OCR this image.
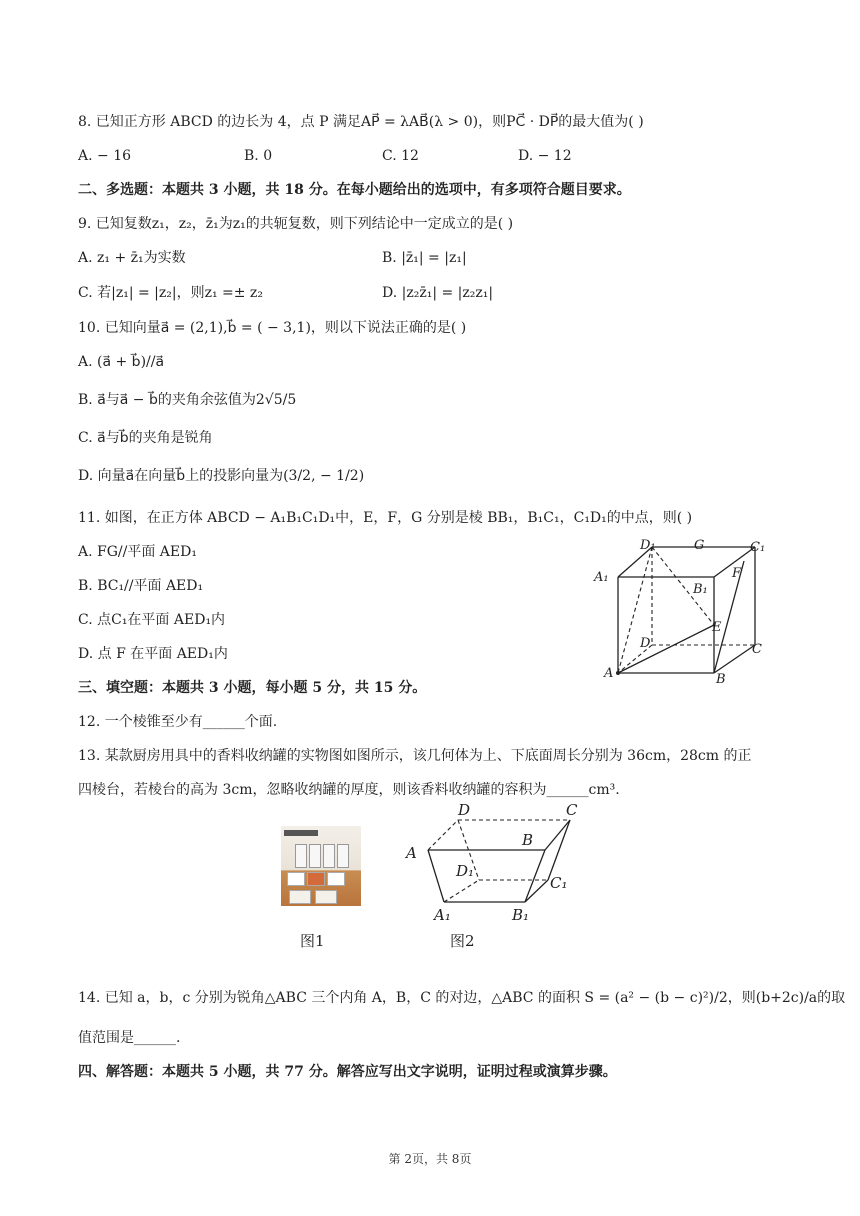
8. 已知正方形 ABCD 的边长为 4，点 P 满足AP⃗ = λAB⃗(λ > 0)，则PC⃗ · DP⃗的最大值为( )
A. − 16	B. 0	C. 12	D. − 12
二、多选题：本题共 3 小题，共 18 分。在每小题给出的选项中，有多项符合题目要求。
9. 已知复数z₁，z₂，z̄₁为z₁的共轭复数，则下列结论中一定成立的是( )
A. z₁ + z̄₁为实数	B. |z̄₁| = |z₁|
C. 若|z₁| = |z₂|，则z₁ =± z₂	D. |z₂z̄₁| = |z₂z₁|
10. 已知向量a⃗ = (2,1),b⃗ = ( − 3,1)，则以下说法正确的是( )
A. (a⃗ + b⃗)//a⃗
B. a⃗与a⃗ − b⃗的夹角余弦值为2√5/5
C. a⃗与b⃗的夹角是锐角
D. 向量a⃗在向量b⃗上的投影向量为(3/2, − 1/2)
11. 如图，在正方体 ABCD − A₁B₁C₁D₁中，E，F，G 分别是棱 BB₁，B₁C₁，C₁D₁的中点，则( )
A. FG//平面 AED₁
B. BC₁//平面 AED₁
C. 点C₁在平面 AED₁内
D. 点 F 在平面 AED₁内
D₁	G	C₁
A₁
B₁
F
E
D	C
A	B
三、填空题：本题共 3 小题，每小题 5 分，共 15 分。
12. 一个棱锥至少有______个面.
13. 某款厨房用具中的香料收纳罐的实物图如图所示，该几何体为上、下底面周长分别为 36cm，28cm 的正
四棱台，若棱台的高为 3cm，忽略收纳罐的厚度，则该香料收纳罐的容积为______cm³.
D	C
A
B
D₁
C₁
A₁	B₁
图1	图2
14. 已知 a，b，c 分别为锐角△ABC 三个内角 A，B，C 的对边，△ABC 的面积 S = (a² − (b − c)²)/2，则(b+2c)/a的取
值范围是______.
四、解答题：本题共 5 小题，共 77 分。解答应写出文字说明，证明过程或演算步骤。
第 2页，共 8页
